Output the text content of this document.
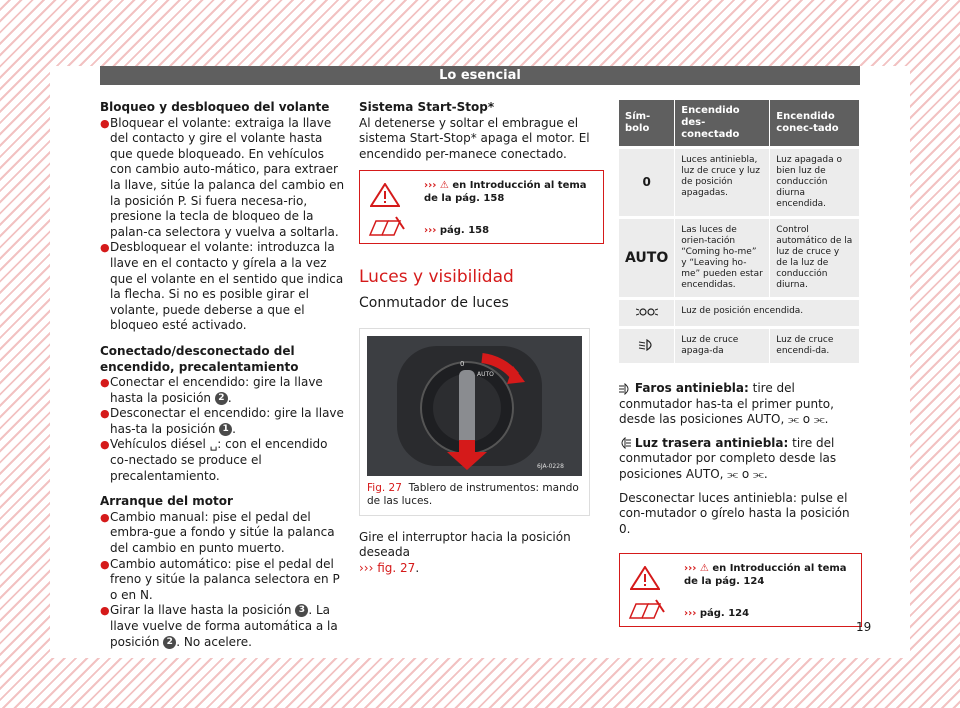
Lo esencial

Bloqueo y desbloqueo del volante

● Bloquear el volante: extraiga la llave del contacto y gire el volante hasta que quede bloqueado. En vehículos con cambio auto-mático, para extraer la llave, sitúe la palanca del cambio en la posición P. Si fuera necesa-rio, presione la tecla de bloqueo de la palan-ca selectora y vuelva a soltarla.
● Desbloquear el volante: introduzca la llave en el contacto y gírela a la vez que el volante en el sentido que indica la flecha. Si no es posible girar el volante, puede deberse a que el bloqueo esté activado.

Conectado/desconectado del encendido, precalentamiento

● Conectar el encendido: gire la llave hasta la posición 2 .
● Desconectar el encendido: gire la llave has-ta la posición 1 .
● Vehículos diésel ␣: con el encendido co-nectado se produce el precalentamiento.

Arranque del motor

● Cambio manual: pise el pedal del embra-gue a fondo y sitúe la palanca del cambio en punto muerto.
● Cambio automático: pise el pedal del freno y sitúe la palanca selectora en P o en N.
● Girar la llave hasta la posición 3 . La llave vuelve de forma automática a la posición 2 . No acelere.

Sistema Start-Stop*

Al detenerse y soltar el embrague el sistema Start-Stop* apaga el motor. El encendido per-manece conectado.

››› ⚠ en Introducción al tema de la pág. 158
››› pág. 158
Luces y visibilidad
Conmutador de luces
0
AUTO
6JA-0228
Fig. 27 Tablero de instrumentos: mando de las luces.

Gire el interruptor hacia la posición deseada
››› fig. 27.

Sím-bolo	Encendido des-conectado	Encendido conec-tado
0	Luces antiniebla, luz de cruce y luz de posición apagadas.	Luz apagada o bien luz de conducción diurna encendida.
AUTO	Las luces de orien-tación “Coming ho-me” y “Leaving ho-me” pueden estar encendidas.	Control automático de la luz de cruce y de la luz de conducción diurna.
	Luz de posición encendida.	
	Luz de cruce apaga-da	Luz de cruce encendi-da.

Faros antiniebla: tire del conmutador has-ta el primer punto, desde las posiciones AUTO, ⫘ o ⫘.

Luz trasera antiniebla: tire del conmutador por completo desde las posiciones AUTO, ⫘ o ⫘.

Desconectar luces antiniebla: pulse el con-mutador o gírelo hasta la posición 0.

››› ⚠ en Introducción al tema de la pág. 124
››› pág. 124
19
